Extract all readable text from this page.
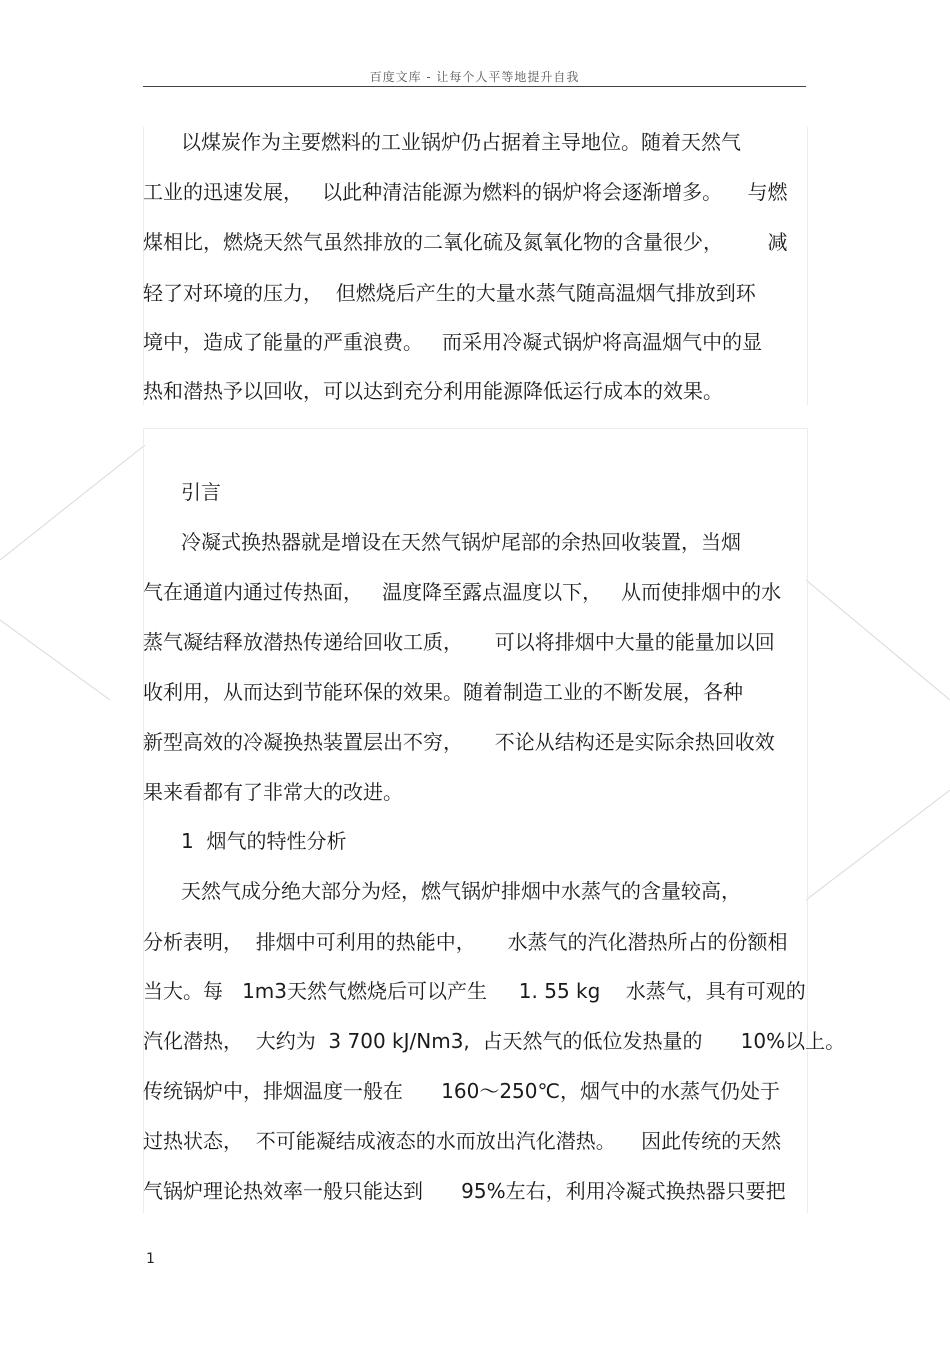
百度文库 - 让每个人平等地提升自我
以煤炭作为主要燃料的工业锅炉仍占据着主导地位。随着天然气
工业的迅速发展，   以此种清洁能源为燃料的锅炉将会逐渐增多。    与燃
煤相比，燃烧天然气虽然排放的二氧化硫及氮氧化物的含量很少，       减
轻了对环境的压力，  但燃烧后产生的大量水蒸气随高温烟气排放到环
境中，造成了能量的严重浪费。   而采用冷凝式锅炉将高温烟气中的显
热和潜热予以回收，可以达到充分利用能源降低运行成本的效果。
引言
冷凝式换热器就是增设在天然气锅炉尾部的余热回收装置，当烟
气在通道内通过传热面，   温度降至露点温度以下，   从而使排烟中的水
蒸气凝结释放潜热传递给回收工质，     可以将排烟中大量的能量加以回
收利用，从而达到节能环保的效果。随着制造工业的不断发展，各种
新型高效的冷凝换热装置层出不穷，     不论从结构还是实际余热回收效
果来看都有了非常大的改进。
1  烟气的特性分析
天然气成分绝大部分为烃，燃气锅炉排烟中水蒸气的含量较高，
分析表明，  排烟中可利用的热能中，     水蒸气的汽化潜热所占的份额相
当大。每   1m3天然气燃烧后可以产生     1. 55 kg    水蒸气，具有可观的
汽化潜热，  大约为  3 700 kJ/Nm3,  占天然气的低位发热量的      10%以上。
传统锅炉中，排烟温度一般在      160～250℃，烟气中的水蒸气仍处于
过热状态，  不可能凝结成液态的水而放出汽化潜热。    因此传统的天然
气锅炉理论热效率一般只能达到      95%左右，利用冷凝式换热器只要把
1
